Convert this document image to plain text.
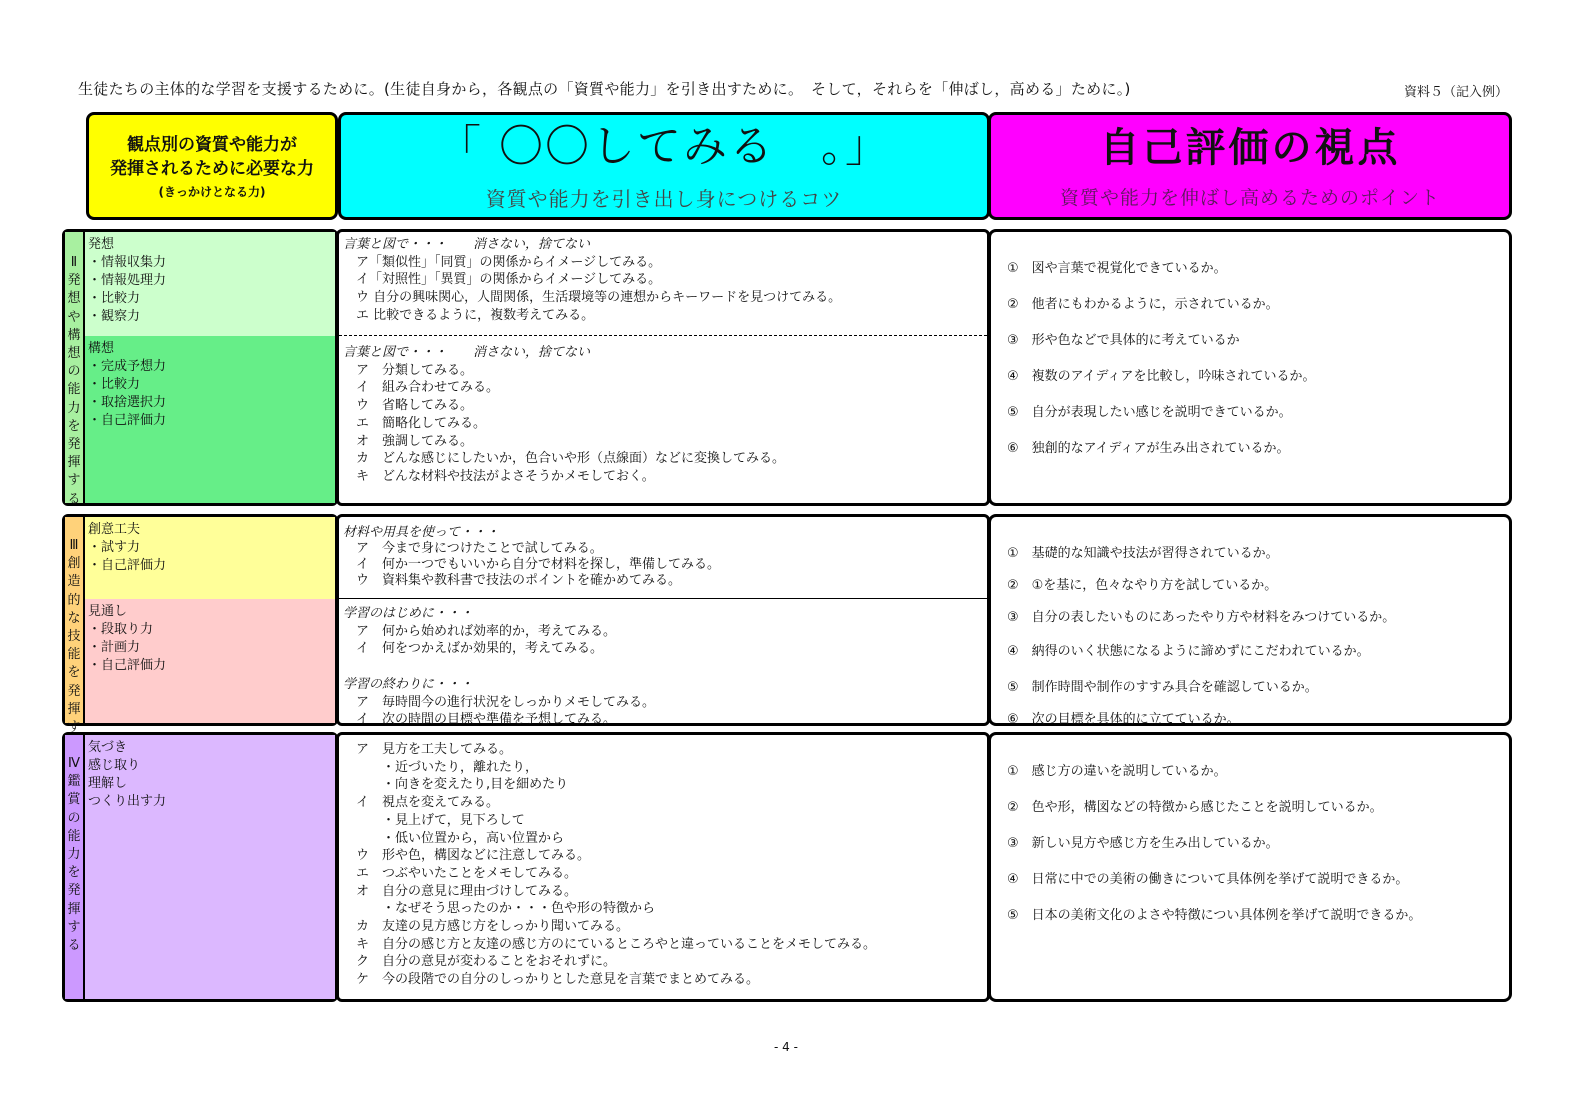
生徒たちの主体的な学習を支援するために。(生徒自身から，各観点の「資質や能力」を引き出すために。　そして，それらを「伸ばし，高める」ために。)	資料５（記入例）
観点別の資質や能力が
発揮されるために必要な力
(きっかけとなる力)
「 〇〇してみる　。」
資質や能力を引き出し身につけるコツ
自己評価の視点
資質や能力を伸ばし高めるためのポイント
Ⅱ
発
想
や
構
想
の
能
力
を
発
揮
す
る
発想
・情報収集力
・情報処理力
・比較力
・観察力
構想
・完成予想力
・比較力
・取捨選択力
・自己評価力
言葉と図で・・・　　消さない，捨てない
　ア「類似性」「同質」の関係からイメージしてみる。
　イ「対照性」「異質」の関係からイメージしてみる。
　ウ 自分の興味関心，人間関係，生活環境等の連想からキーワードを見つけてみる。
　エ 比較できるように，複数考えてみる。
言葉と図で・・・　　消さない，捨てない
　ア　分類してみる。
　イ　組み合わせてみる。
　ウ　省略してみる。
　エ　簡略化してみる。
　オ　強調してみる。
　カ　どんな感じにしたいか，色合いや形（点線面）などに変換してみる。
　キ　どんな材料や技法がよさそうかメモしておく。
①　図や言葉で視覚化できているか。
②　他者にもわかるように，示されているか。
③　形や色などで具体的に考えているか
④　複数のアイディアを比較し，吟味されているか。
⑤　自分が表現したい感じを説明できているか。
⑥　独創的なアイディアが生み出されているか。
Ⅲ
創
造
的
な
技
能
を
発
揮
す
創意工夫
・試す力
・自己評価力
見通し
・段取り力
・計画力
・自己評価力
材料や用具を使って・・・
　ア　今まで身につけたことで試してみる。
　イ　何か一つでもいいから自分で材料を探し，準備してみる。
　ウ　資料集や教科書で技法のポイントを確かめてみる。
学習のはじめに・・・
　ア　何から始めれば効率的か，考えてみる。
　イ　何をつかえばか効果的，考えてみる。
学習の終わりに・・・
　ア　毎時間今の進行状況をしっかりメモしてみる。
　イ　次の時間の目標や準備を予想してみる。
①　基礎的な知識や技法が習得されているか。
②　①を基に，色々なやり方を試しているか。
③　自分の表したいものにあったやり方や材料をみつけているか。
④　納得のいく状態になるように諦めずにこだわれているか。
⑤　制作時間や制作のすすみ具合を確認しているか。
⑥　次の目標を具体的に立てているか。
Ⅳ
鑑
賞
の
能
力
を
発
揮
す
る
気づき
感じ取り
理解し
つくり出す力
　ア　見方を工夫してみる。
　　　・近づいたり，離れたり，
　　　・向きを変えたり,目を細めたり
　イ　視点を変えてみる。
　　　・見上げて，見下ろして
　　　・低い位置から，高い位置から
　ウ　形や色，構図などに注意してみる。
　エ　つぶやいたことをメモしてみる。
　オ　自分の意見に理由づけしてみる。
　　　・なぜそう思ったのか・・・色や形の特徴から
　カ　友達の見方感じ方をしっかり聞いてみる。
　キ　自分の感じ方と友達の感じ方のにているところやと違っていることをメモしてみる。
　ク　自分の意見が変わることをおそれずに。
　ケ　今の段階での自分のしっかりとした意見を言葉でまとめてみる。
①　感じ方の違いを説明しているか。
②　色や形，構図などの特徴から感じたことを説明しているか。
③　新しい見方や感じ方を生み出しているか。
④　日常に中での美術の働きについて具体例を挙げて説明できるか。
⑤　日本の美術文化のよさや特徴につい具体例を挙げて説明できるか。
- 4 -
